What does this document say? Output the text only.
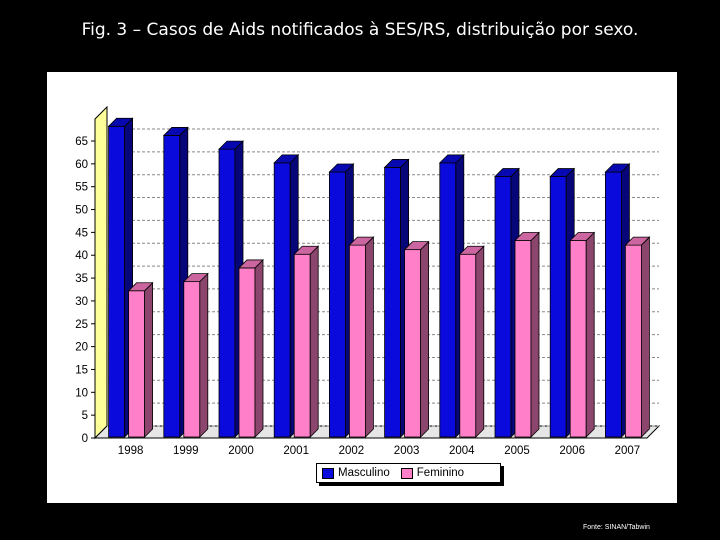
Fig. 3 – Casos de Aids notificados à SES/RS, distribuição por sexo.
0
5
10
15
20
25
30
35
40
45
50
55
60
65
1998	1999	2000	2001	2002	2003	2004	2005	2006	2007
Masculino Feminino
Fonte: SINAN/Tabwin
